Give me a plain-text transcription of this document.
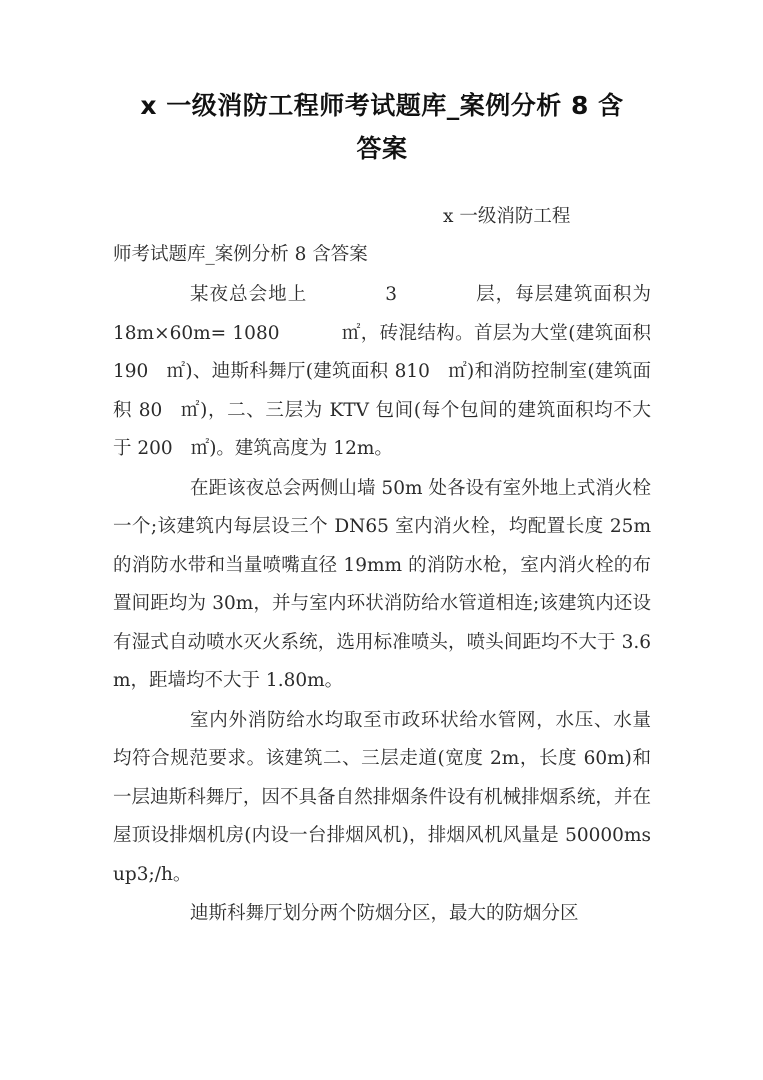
x 一级消防工程师考试题库_案例分析 8 含
答案

x 一级消防工程
师考试题库_案例分析 8 含答案

某夜总会地上	3	层，每层建筑面积为 18m×60m= 1080	㎡，砖混结构。首层为大堂(建筑面积 190 ㎡)、迪斯科舞厅(建筑面积 810 ㎡)和消防控制室(建筑面积 80 ㎡)，二、三层为 KTV 包间(每个包间的建筑面积均不大于 200 ㎡)。建筑高度为 12m。

在距该夜总会两侧山墙 50m 处各设有室外地上式消火栓一个;该建筑内每层设三个 DN65 室内消火栓，均配置长度 25m 的消防水带和当量喷嘴直径 19mm 的消防水枪，室内消火栓的布置间距均为 30m，并与室内环状消防给水管道相连;该建筑内还设有湿式自动喷水灭火系统，选用标准喷头，喷头间距均不大于 3.6m，距墙均不大于 1.80m。

室内外消防给水均取至市政环状给水管网，水压、水量均符合规范要求。该建筑二、三层走道(宽度 2m，长度 60m)和一层迪斯科舞厅，因不具备自然排烟条件设有机械排烟系统，并在屋顶设排烟机房(内设一台排烟风机)，排烟风机风量是 50000msup3;/h。

迪斯科舞厅划分两个防烟分区，最大的防烟分区
